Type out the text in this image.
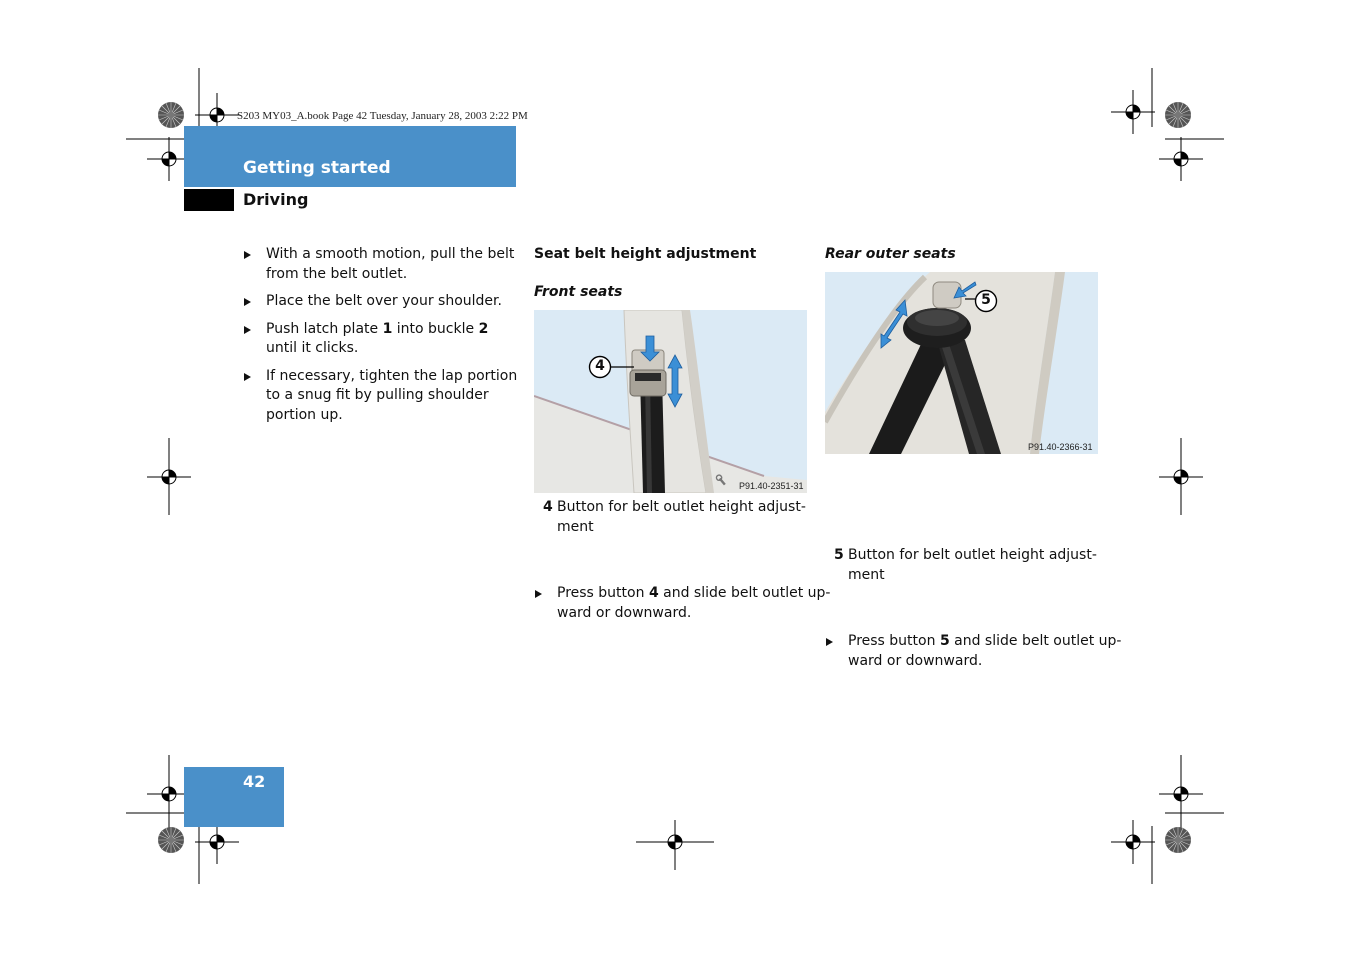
S203 MY03_A.book Page 42 Tuesday, January 28, 2003 2:22 PM
Getting started
Driving
With a smooth motion, pull the belt from the belt outlet.
Place the belt over your shoulder.
Push latch plate 1 into buckle 2 until it clicks.
If necessary, tighten the lap portion to a snug fit by pulling shoulder portion up.
Seat belt height adjustment
Front seats
4
P91.40-2351-31
4 Button for belt outlet height adjust- ment
Press button 4 and slide belt outlet up- ward or downward.
Rear outer seats
5
P91.40-2366-31
5 Button for belt outlet height adjust- ment
Press button 5 and slide belt outlet up- ward or downward.
42
